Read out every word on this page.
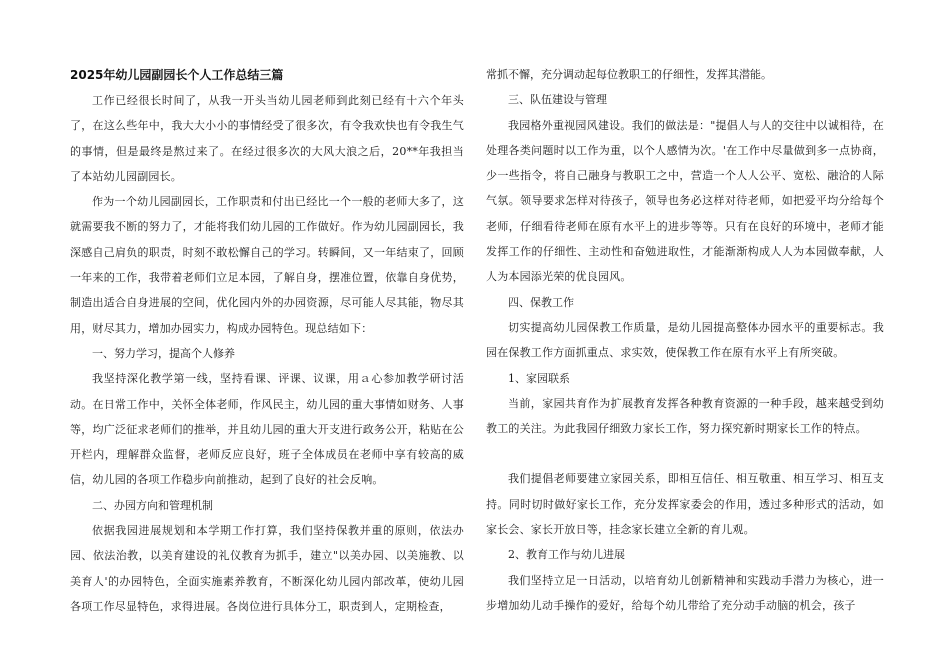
2025年幼儿园副园长个人工作总结三篇

工作已经很长时间了，从我一开头当幼儿园老师到此刻已经有十六个年头了，在这么些年中，我大大小小的事情经受了很多次，有令我欢快也有令我生气的事情，但是最终是熬过来了。在经过很多次的大风大浪之后，20**年我担当了本站幼儿园副园长。

作为一个幼儿园副园长，工作职责和付出已经比一个一般的老师大多了，这就需要我不断的努力了，才能将我们幼儿园的工作做好。作为幼儿园副园长，我深感自己肩负的职责，时刻不敢松懈自己的学习。转瞬间，又一年结束了，回顾一年来的工作，我带着老师们立足本园，了解自身，摆准位置，依靠自身优势，制造出适合自身进展的空间，优化园内外的办园资源，尽可能人尽其能，物尽其用，财尽其力，增加办园实力，构成办园特色。现总结如下：

一、努力学习，提高个人修养

我坚持深化教学第一线，坚持看课、评课、议课，用ａ心参加教学研讨活动。在日常工作中，关怀全体老师，作风民主，幼儿园的重大事情如财务、人事等，均广泛征求老师们的推举，并且幼儿园的重大开支进行政务公开，粘贴在公开栏内，理解群众监督，老师反应良好，班子全体成员在老师中享有较高的威信，幼儿园的各项工作稳步向前推动，起到了良好的社会反响。

二、办园方向和管理机制

依据我园进展规划和本学期工作打算，我们坚持保教并重的原则，依法办园、依法治教，以美育建设的礼仪教育为抓手，建立"以美办园、以美施教、以美育人'的办园特色，全面实施素养教育，不断深化幼儿园内部改革，使幼儿园各项工作尽显特色，求得进展。各岗位进行具体分工，职责到人，定期检查，

常抓不懈，充分调动起每位教职工的仔细性，发挥其潜能。

三、队伍建设与管理

我园格外重视园风建设。我们的做法是："提倡人与人的交往中以诚相待，在处理各类问题时以工作为重，以个人感情为次。'在工作中尽量做到多一点协商，少一些指令，将自己融身与教职工之中，营造一个人人公平、宽松、融洽的人际气氛。领导要求怎样对待孩子，领导也务必这样对待老师，如把爱平均分给每个老师，仔细看待老师在原有水平上的进步等等。只有在良好的环境中，老师才能发挥工作的仔细性、主动性和奋勉进取性，才能渐渐构成人人为本园做奉献，人人为本园添光荣的优良园风。

四、保教工作

切实提高幼儿园保教工作质量，是幼儿园提高整体办园水平的重要标志。我园在保教工作方面抓重点、求实效，使保教工作在原有水平上有所突破。

1、家园联系

当前，家园共育作为扩展教育发挥各种教育资源的一种手段，越来越受到幼教工的关注。为此我园仔细致力家长工作，努力探究新时期家长工作的特点。

我们提倡老师要建立家园关系，即相互信任、相互敬重、相互学习、相互支持。同时切时做好家长工作，充分发挥家委会的作用，透过多种形式的活动，如家长会、家长开放日等，挂念家长建立全新的育儿观。

2、教育工作与幼儿进展

我们坚持立足一日活动，以培育幼儿创新精神和实践动手潜力为核心，进一步增加幼儿动手操作的爱好，给每个幼儿带给了充分动手动脑的机会，孩子
